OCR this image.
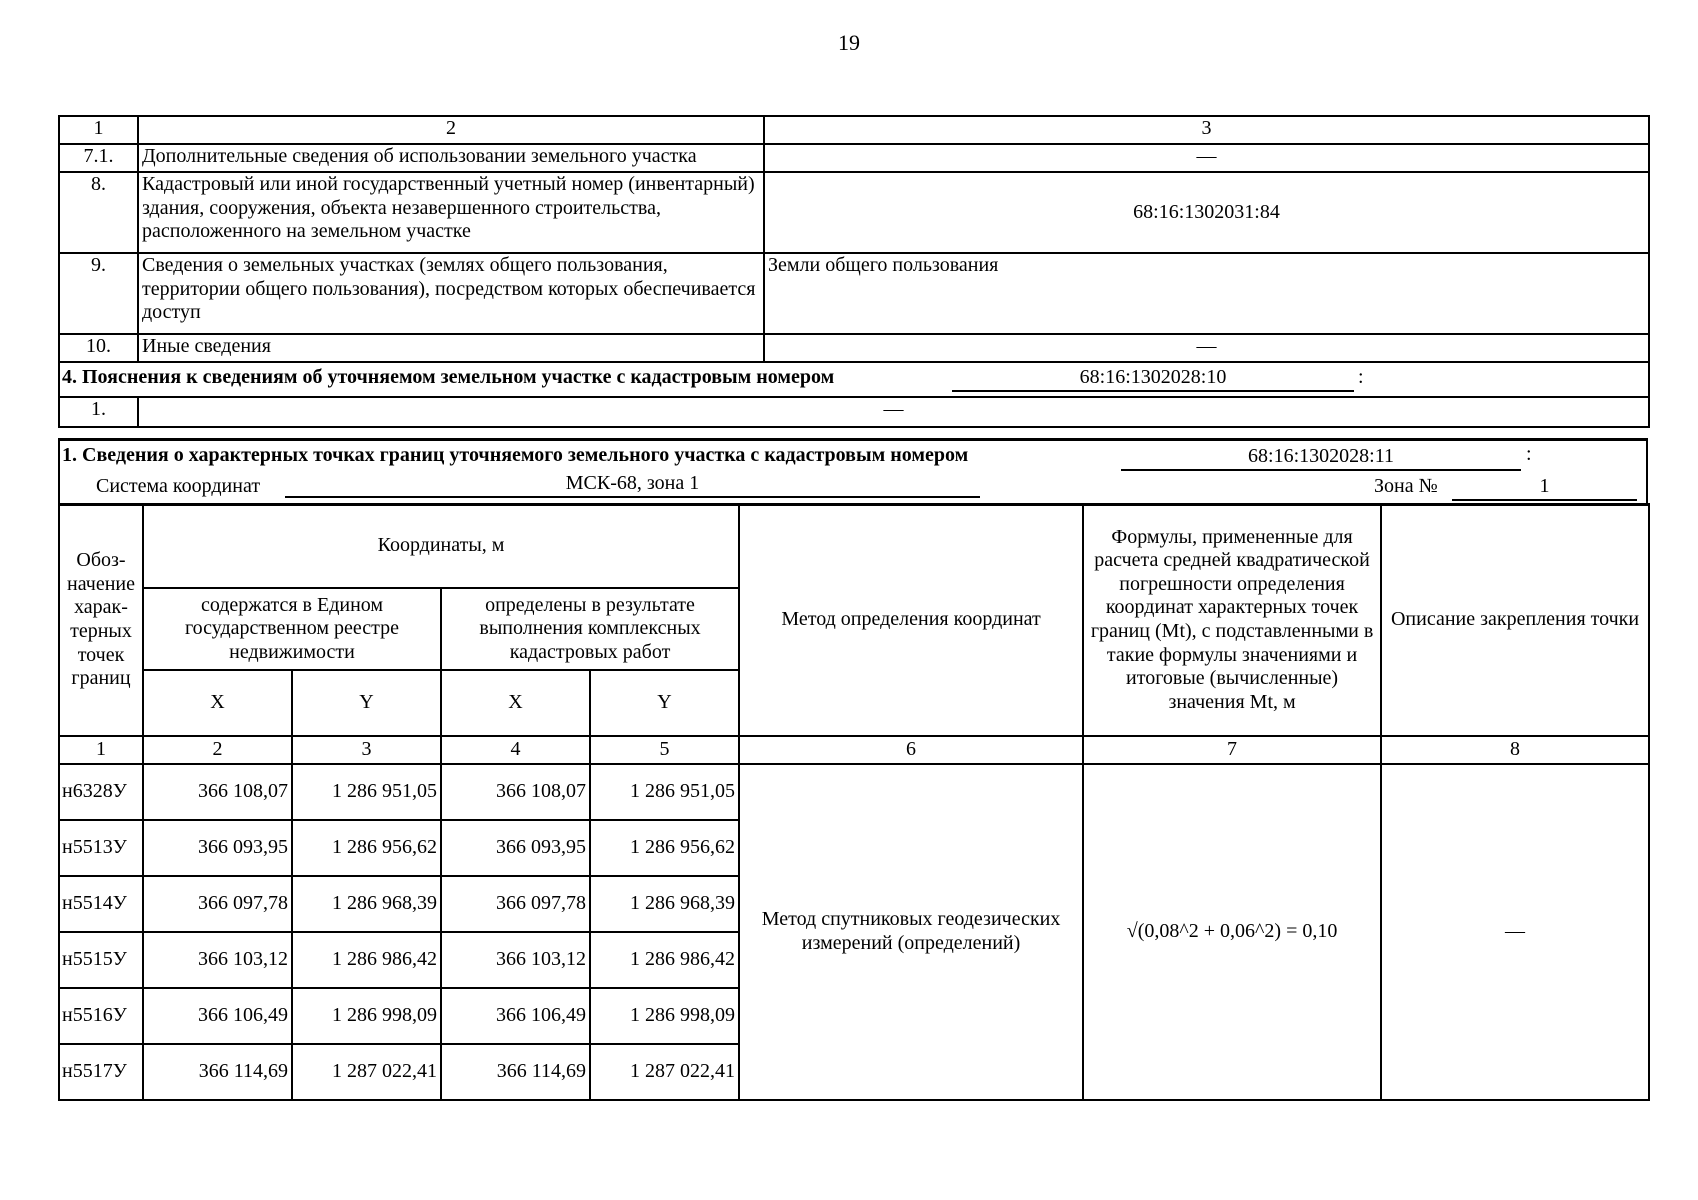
19
1	2	3
7.1.	Дополнительные сведения об использовании земельного участка	—
8.	Кадастровый или иной государственный учетный номер (инвентарный) здания, сооружения, объекта незавершенного строительства, расположенного на земельном участке	68:16:1302031:84
9.	Сведения о земельных участках (землях общего пользования, территории общего пользования), посредством которых обеспечивается доступ	Земли общего пользования
10.	Иные сведения	—

4. Пояснения к сведениям об уточняемом земельном участке с кадастровым номером 68:16:1302028:10 :		

1.	—	
1. Сведения о характерных точках границ уточняемого земельного участка с кадастровым номером	68:16:1302028:11	:
Система координат	МСК-68, зона 1	Зона №	1
Обоз-начение харак-терных точек границ	Координаты, м				Метод определения координат	Формулы, примененные для расчета средней квадратической погрешности определения координат характерных точек границ (Mt), с подставленными в такие формулы значениями и итоговые (вычисленные) значения Mt, м	Описание закрепления точки
	содержатся в Едином государственном реестре недвижимости		определены в результате выполнения комплексных кадастровых работ				
	X	Y	X	Y			
1	2	3	4	5	6	7	8
н6328У	366 108,07	1 286 951,05	366 108,07	1 286 951,05	Метод спутниковых геодезических измерений (определений)	√(0,08^2 + 0,06^2) = 0,10	—
н5513У	366 093,95	1 286 956,62	366 093,95	1 286 956,62			
н5514У	366 097,78	1 286 968,39	366 097,78	1 286 968,39			
н5515У	366 103,12	1 286 986,42	366 103,12	1 286 986,42			
н5516У	366 106,49	1 286 998,09	366 106,49	1 286 998,09			
н5517У	366 114,69	1 287 022,41	366 114,69	1 287 022,41			
